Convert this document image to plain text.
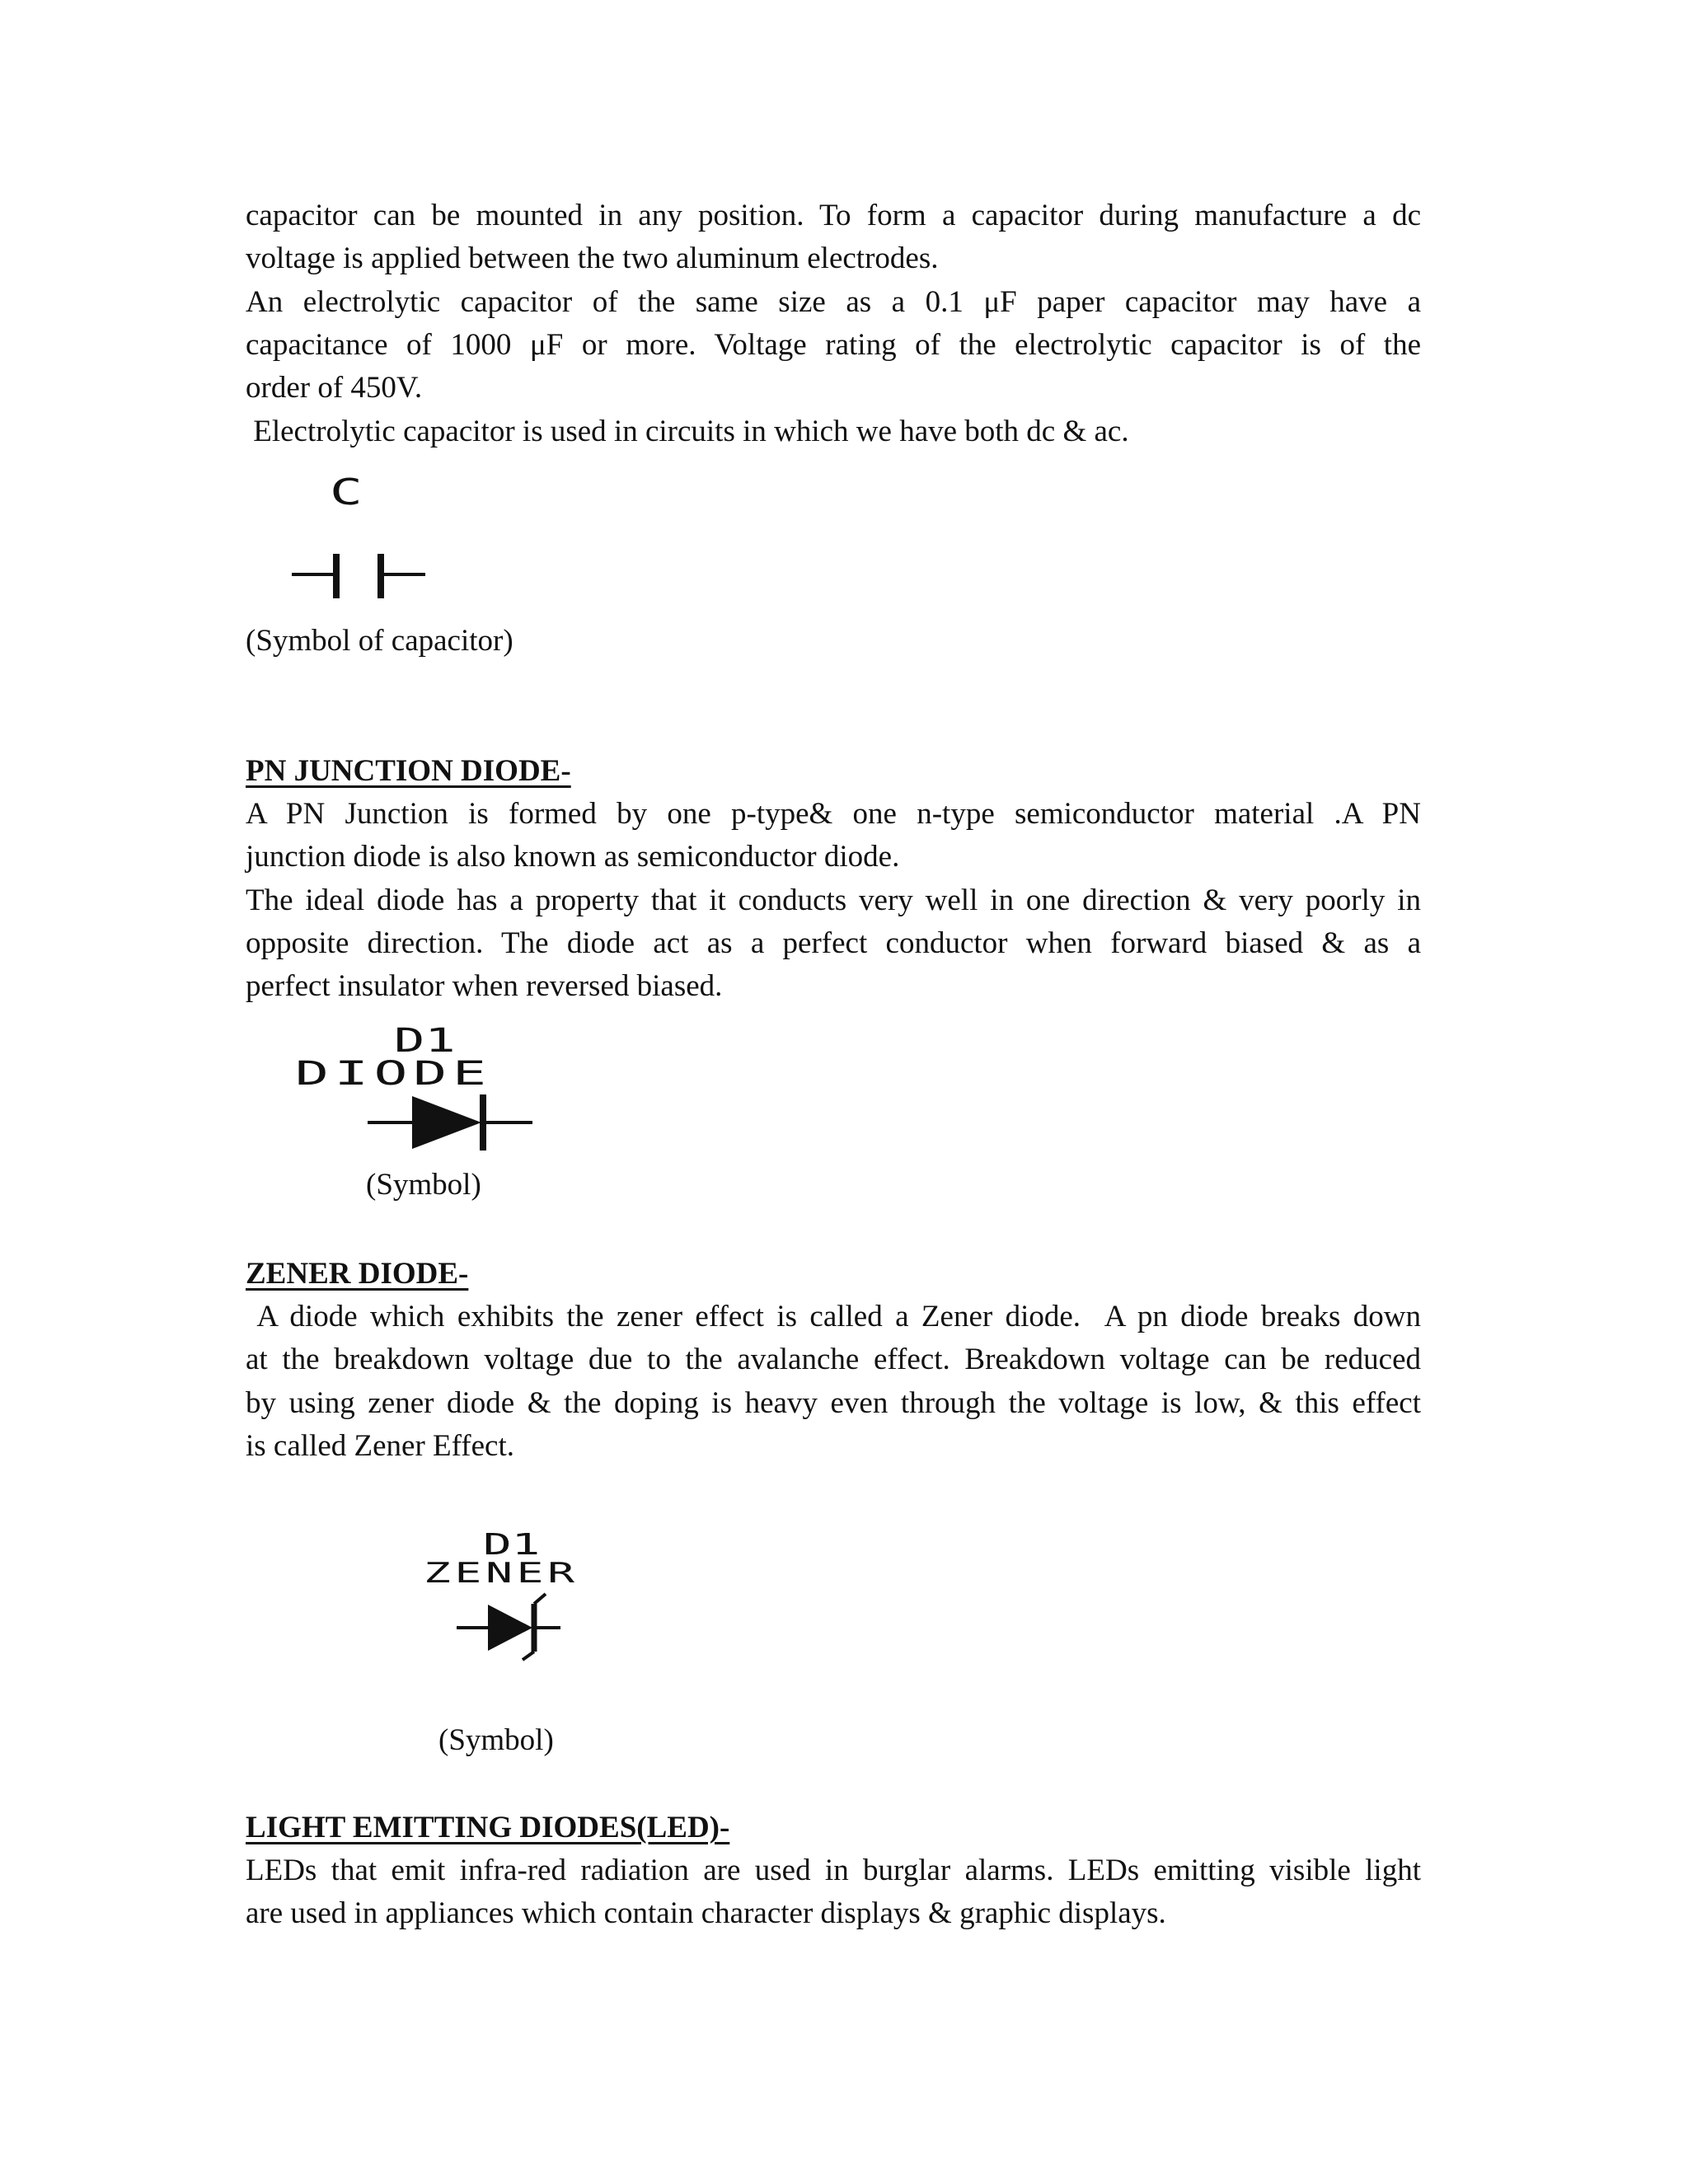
capacitor can be mounted in any position. To form a capacitor during manufacture a dc
voltage is applied between the two aluminum electrodes.
An electrolytic capacitor of the same size as a 0.1 μF paper capacitor may have a
capacitance of 1000 μF or more. Voltage rating of the electrolytic capacitor is of the
order of 450V.
Electrolytic capacitor is used in circuits in which we have both dc & ac.
C
(Symbol of capacitor)
PN JUNCTION DIODE-
A PN Junction is formed by one p-type& one n-type semiconductor material .A PN
junction diode is also known as semiconductor diode.
The ideal diode has a property that it conducts very well in one direction & very poorly in
opposite direction. The diode act as a perfect conductor when forward biased & as a
perfect insulator when reversed biased.
D1
DIODE
(Symbol)
ZENER DIODE-
A diode which exhibits the zener effect is called a Zener diode.  A pn diode breaks down
at the breakdown voltage due to the avalanche effect. Breakdown voltage can be reduced
by using zener diode & the doping is heavy even through the voltage is low, & this effect
is called Zener Effect.
D1
ZENER
(Symbol)
LIGHT EMITTING DIODES(LED)-
LEDs that emit infra-red radiation are used in burglar alarms. LEDs emitting visible light
are used in appliances which contain character displays & graphic displays.
